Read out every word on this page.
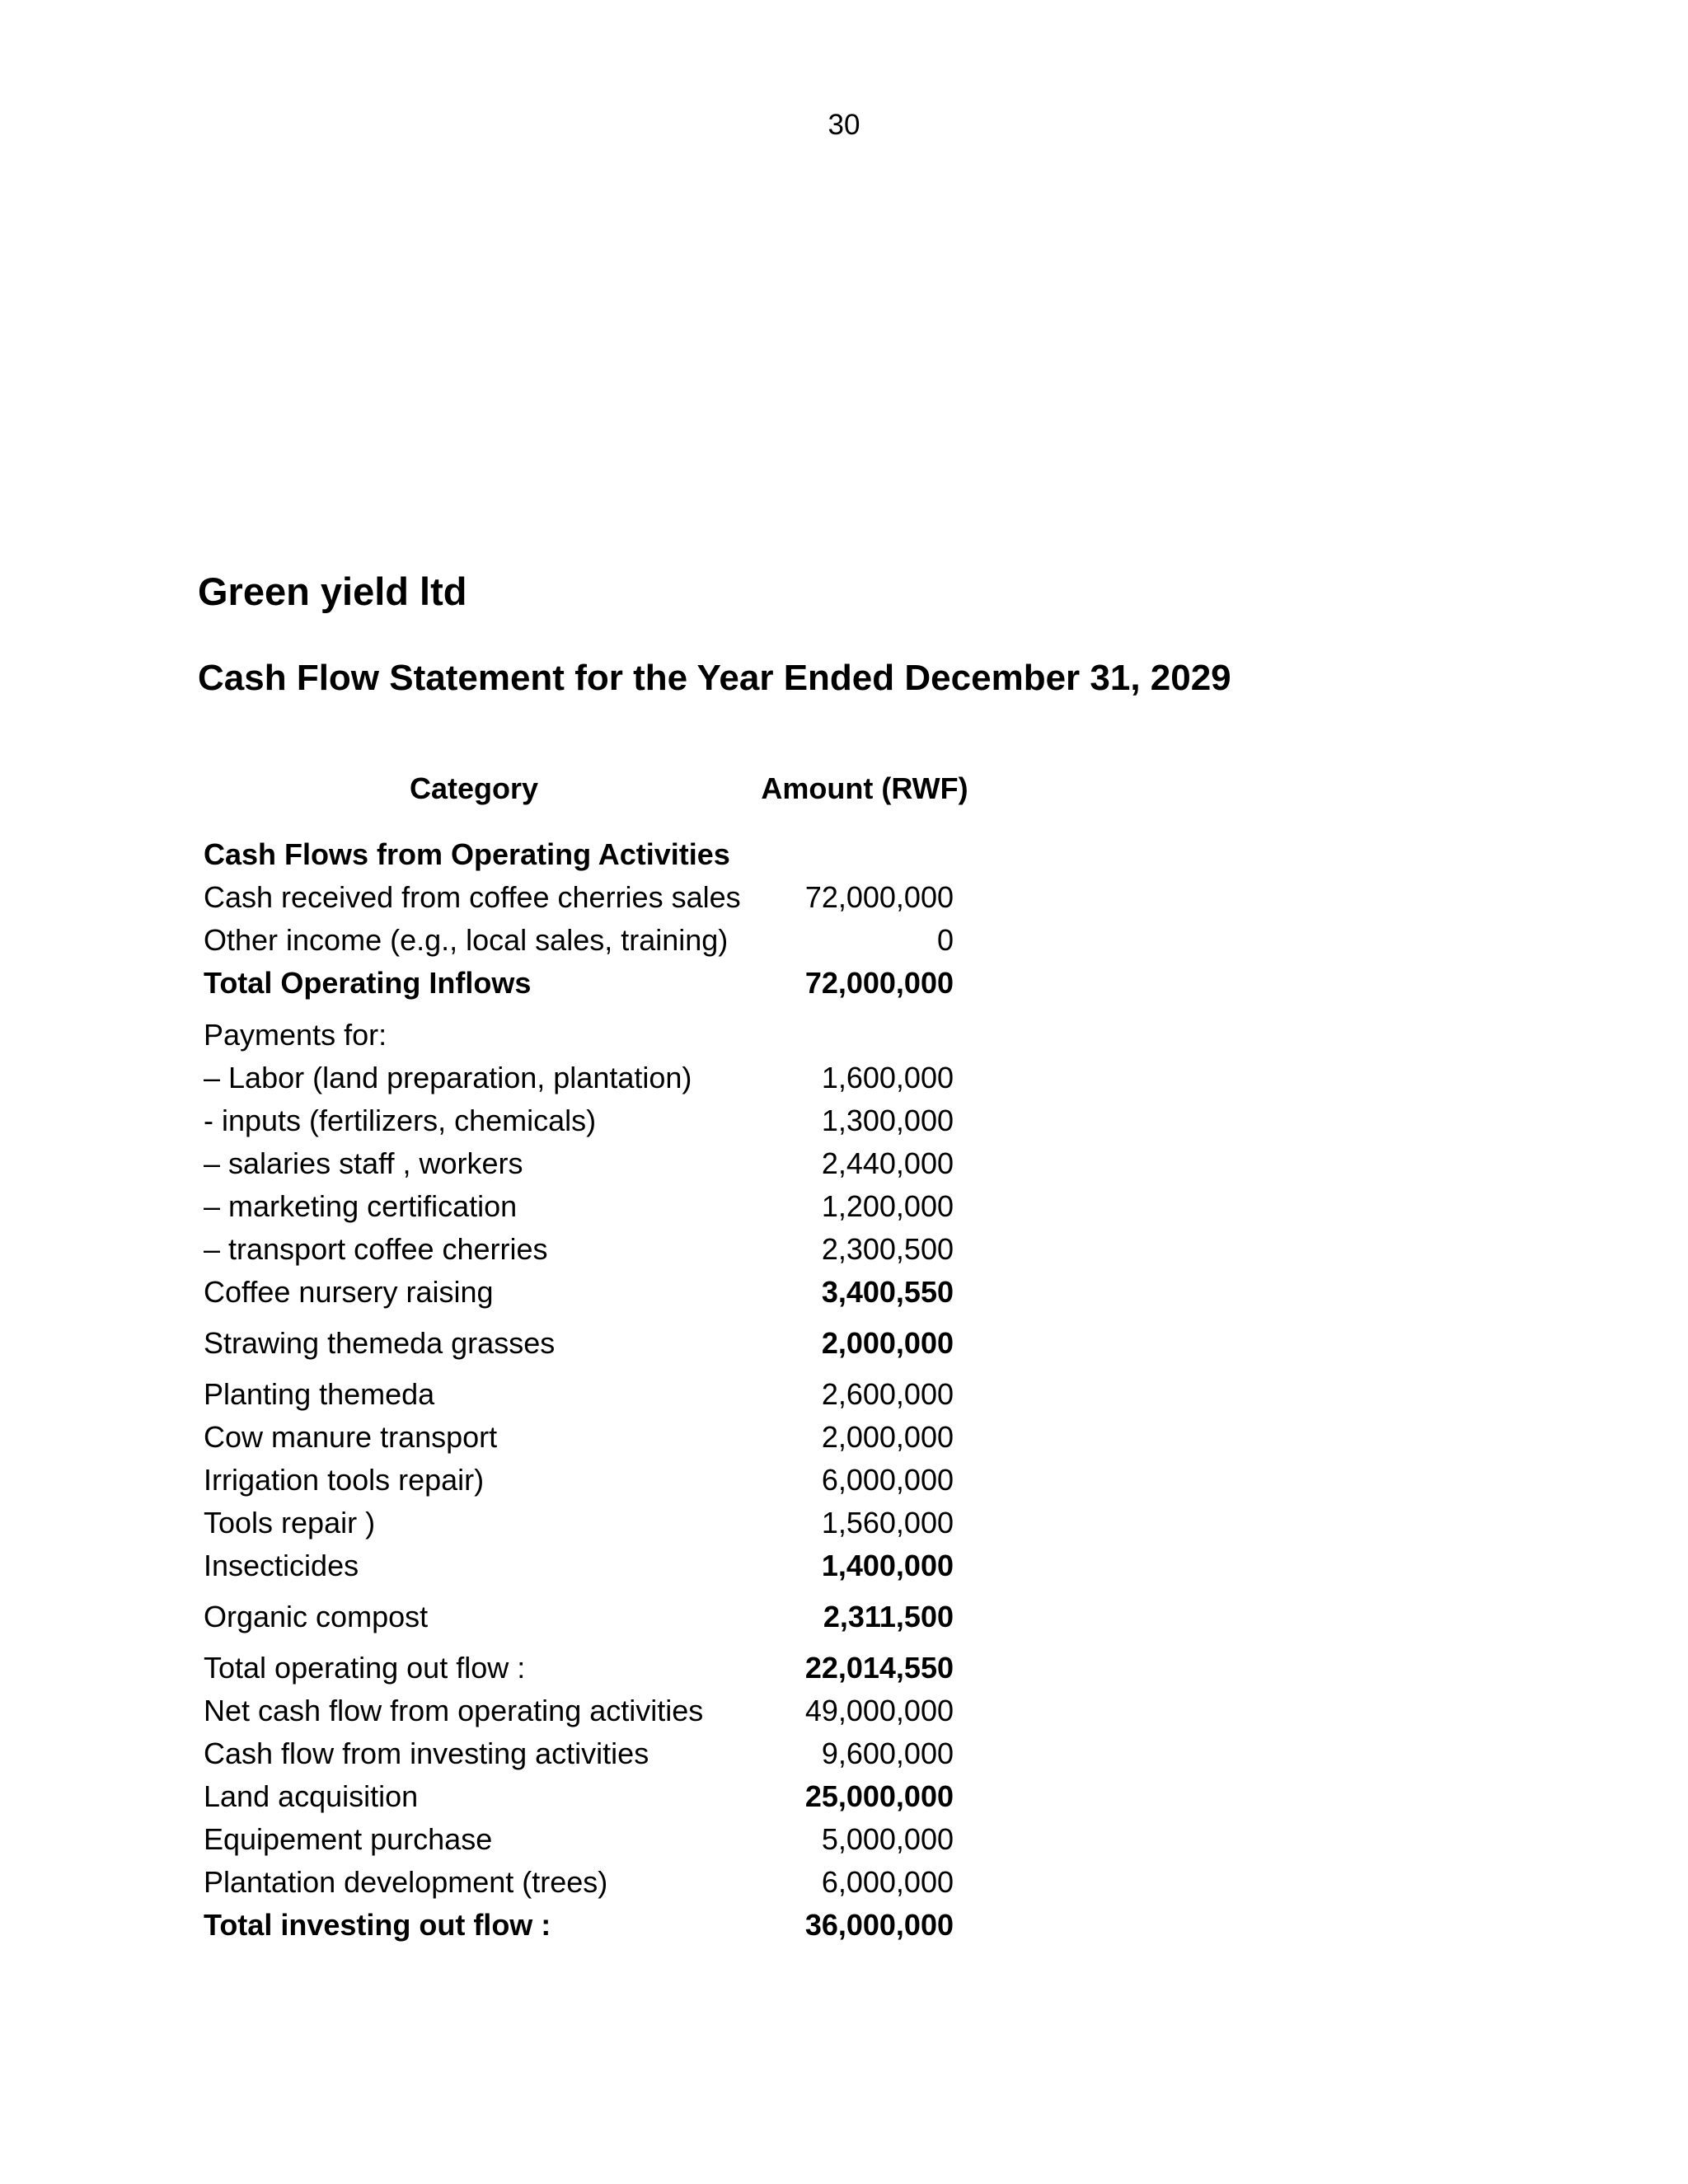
30
Green yield ltd
Cash Flow Statement for the Year Ended December 31, 2029
Category	Amount (RWF)
Cash Flows from Operating Activities
Cash received from coffee cherries sales 72,000,000
Other income (e.g., local sales, training)	0
Total Operating Inflows	72,000,000
Payments for:
– Labor (land preparation, plantation)	1,600,000
- inputs (fertilizers, chemicals)	1,300,000
– salaries staff , workers	2,440,000
– marketing certification	1,200,000
– transport coffee cherries	2,300,500
Coffee nursery raising	3,400,550
Strawing themeda grasses	2,000,000
Planting themeda	2,600,000
Cow manure transport	2,000,000
Irrigation tools repair)	6,000,000
Tools repair )	1,560,000
Insecticides	1,400,000
Organic compost	2,311,500
Total operating out flow :	22,014,550
Net cash flow from operating activities	49,000,000
Cash flow from investing activities	9,600,000
Land acquisition	25,000,000
Equipement purchase	5,000,000
Plantation development (trees)	6,000,000
Total investing out flow :	36,000,000
